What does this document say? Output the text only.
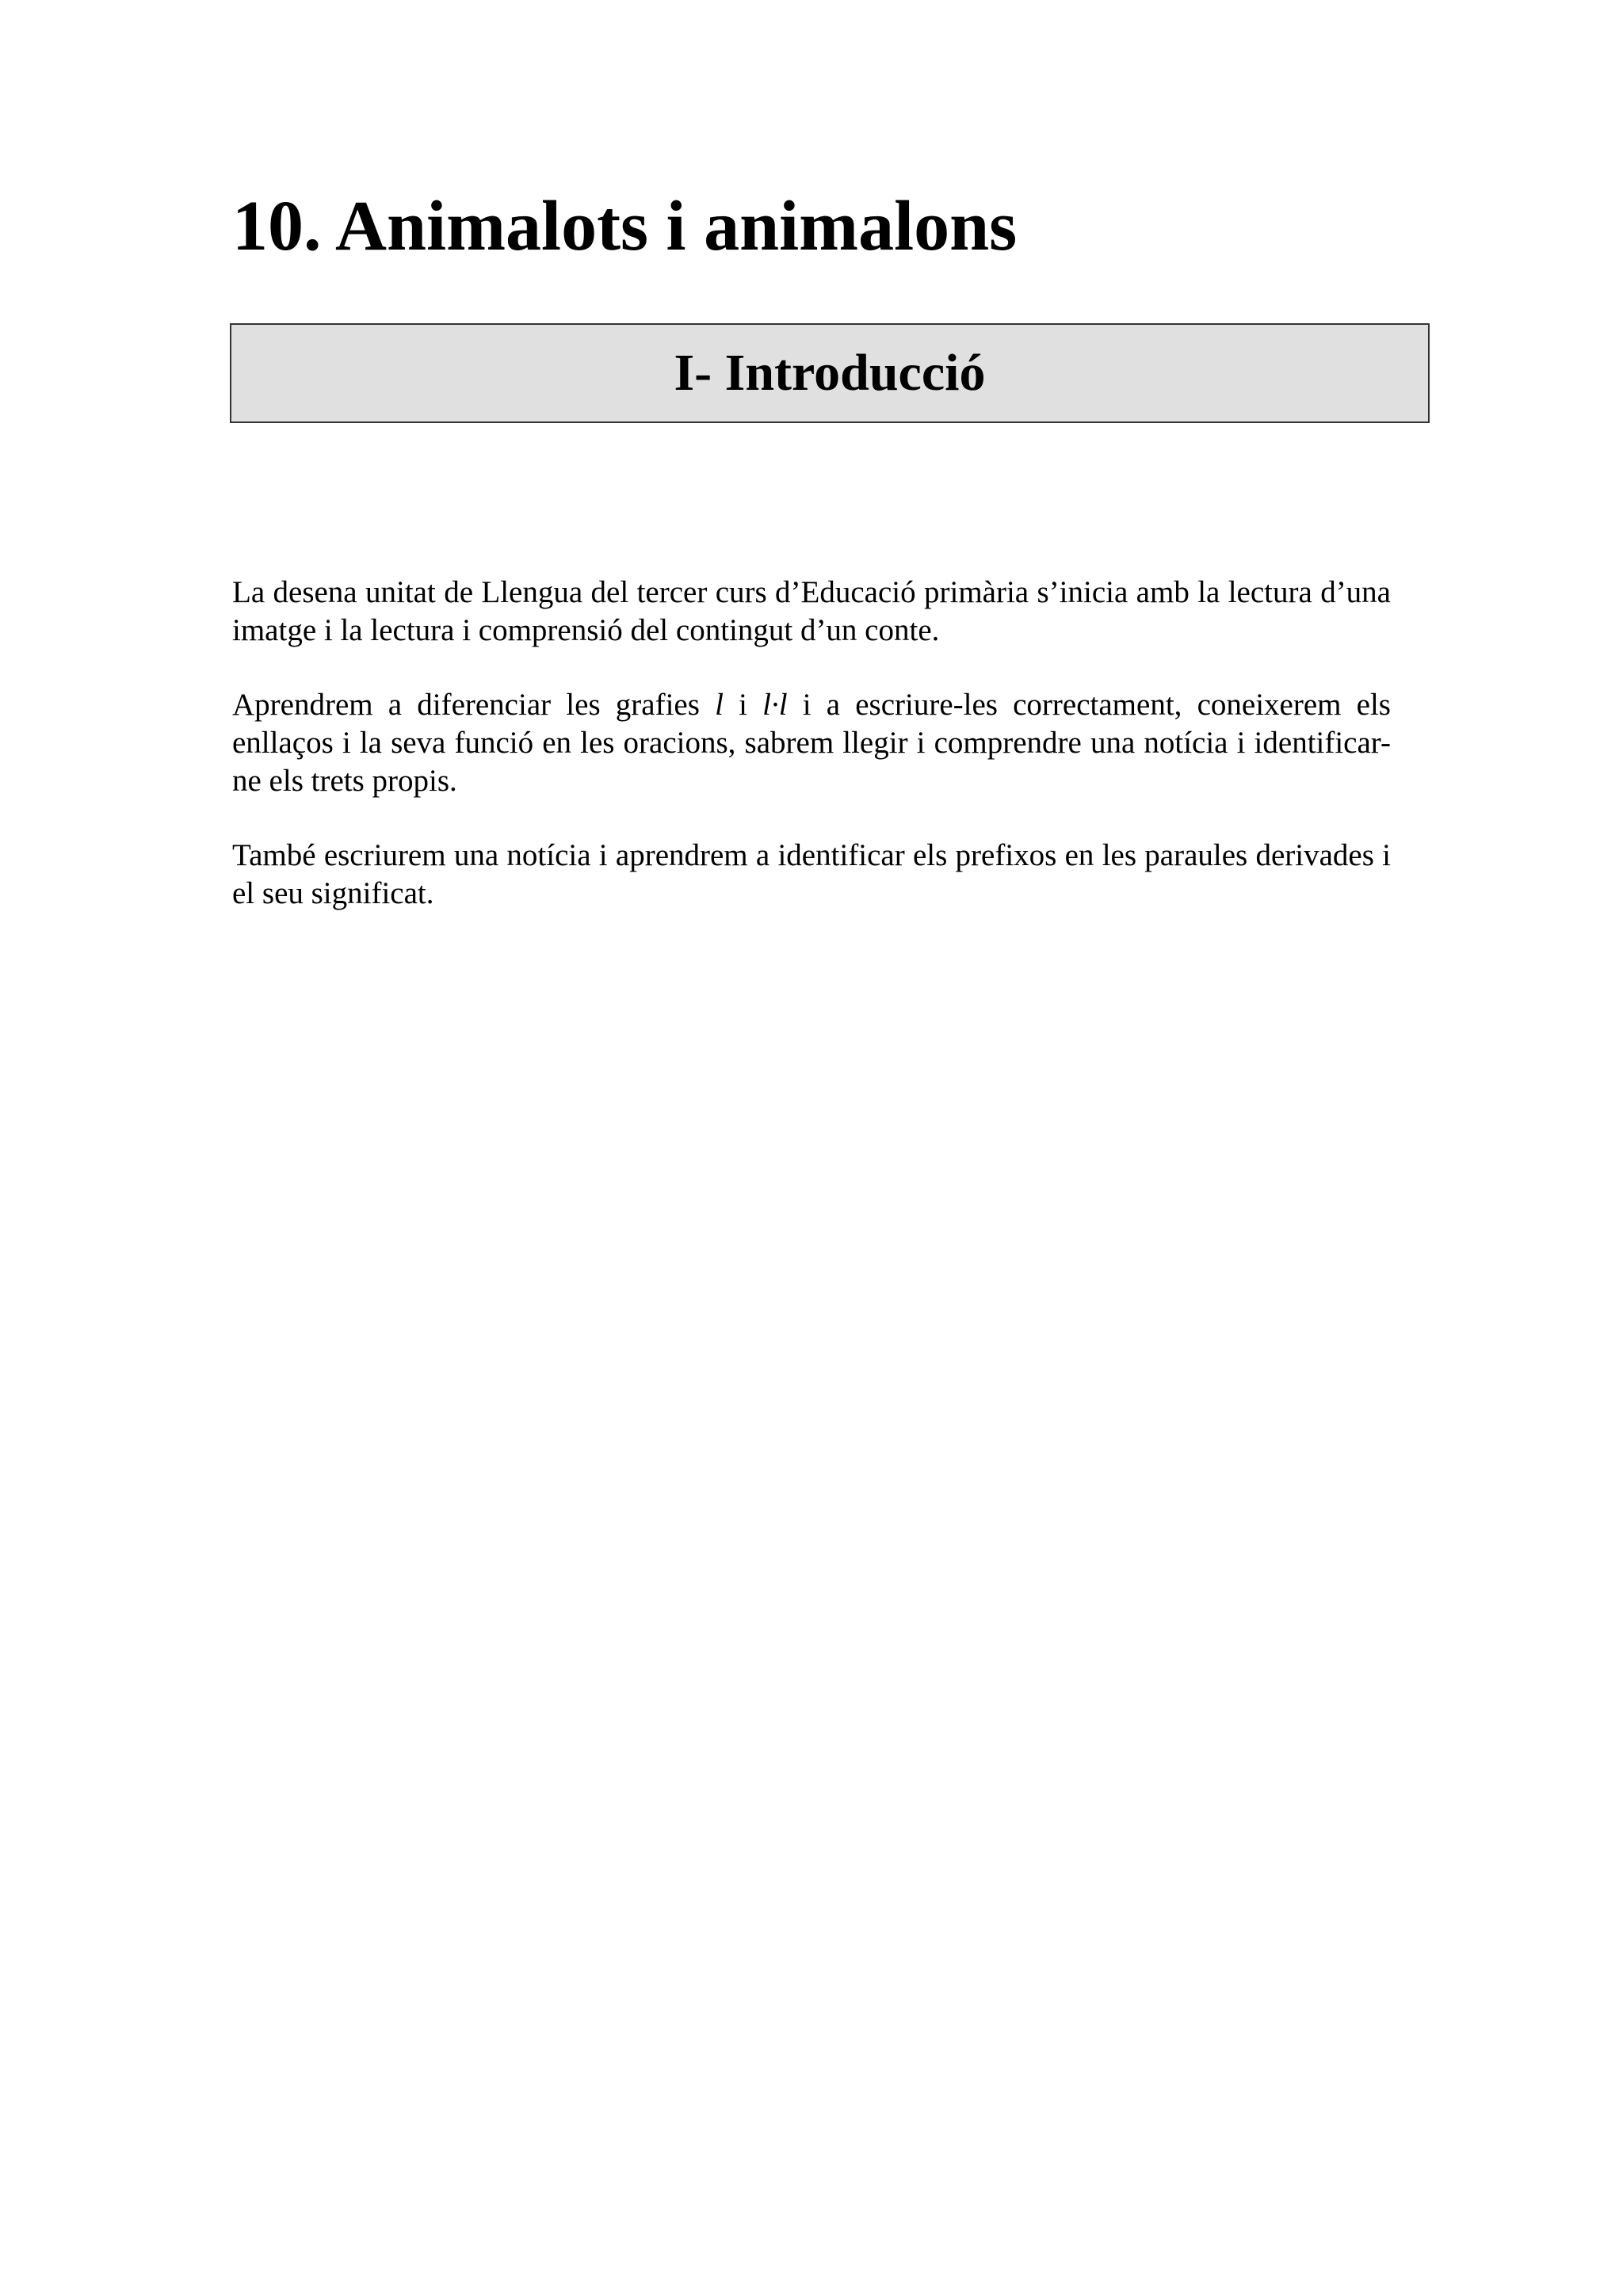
10. Animalots i animalons
I- Introducció

La desena unitat de Llengua del tercer curs d’Educació primària s’inicia amb la lectura d’una imatge i la lectura i comprensió del contingut d’un conte.

Aprendrem a diferenciar les grafies l i l·l i a escriure-les correctament, coneixerem els enllaços i la seva funció en les oracions, sabrem llegir i comprendre una notícia i identificar-ne els trets propis.

També escriurem una notícia i aprendrem a identificar els prefixos en les paraules derivades i el seu significat.
